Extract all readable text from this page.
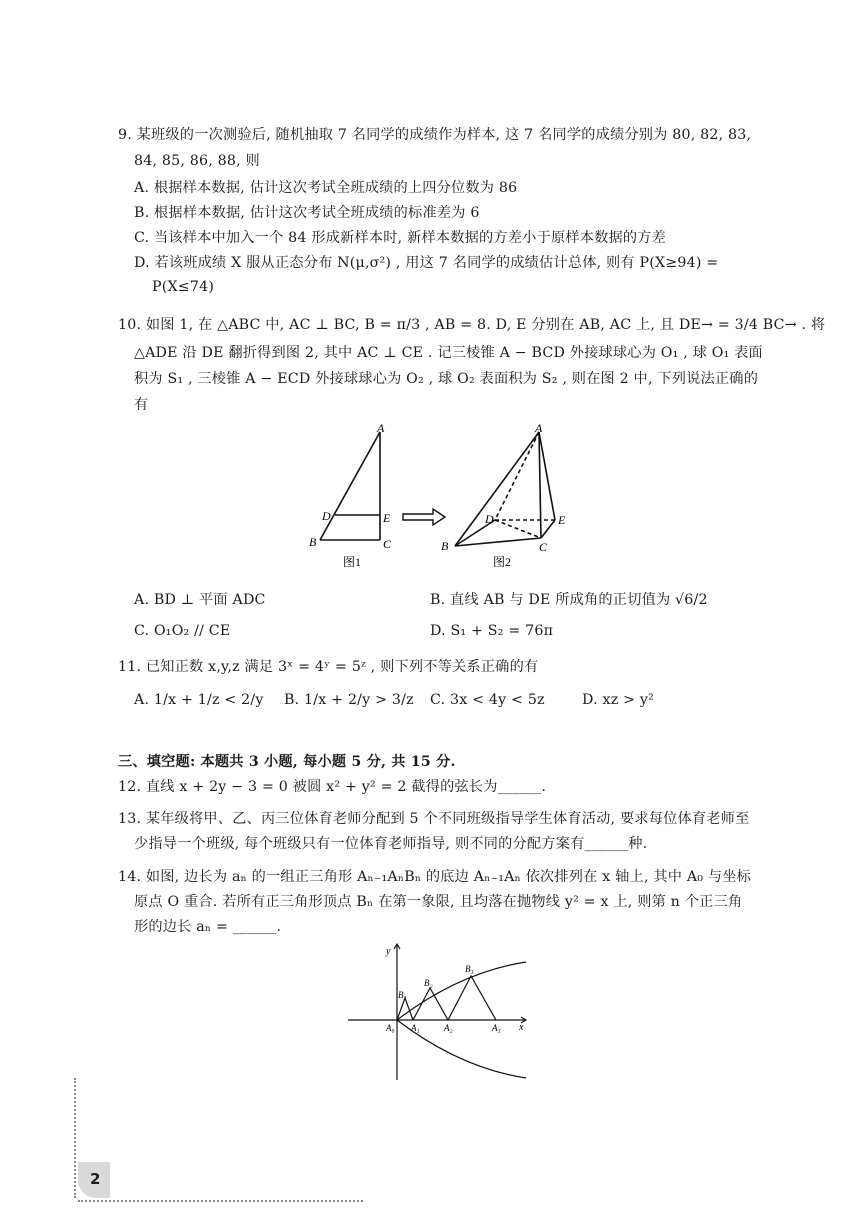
9. 某班级的一次测验后, 随机抽取 7 名同学的成绩作为样本, 这 7 名同学的成绩分别为 80, 82, 83,
84, 85, 86, 88, 则
A. 根据样本数据, 估计这次考试全班成绩的上四分位数为 86
B. 根据样本数据, 估计这次考试全班成绩的标准差为 6
C. 当该样本中加入一个 84 形成新样本时, 新样本数据的方差小于原样本数据的方差
D. 若该班成绩 X 服从正态分布 N(μ,σ²) , 用这 7 名同学的成绩估计总体, 则有 P(X≥94) =
P(X≤74)
10. 如图 1, 在 △ABC 中, AC ⊥ BC, B = π/3 , AB = 8. D, E 分别在 AB, AC 上, 且 DE→ = 3/4 BC→ . 将
△ADE 沿 DE 翻折得到图 2, 其中 AC ⊥ CE . 记三棱锥 A − BCD 外接球球心为 O₁ , 球 O₁ 表面
积为 S₁ , 三棱锥 A − ECD 外接球球心为 O₂ , 球 O₂ 表面积为 S₂ , 则在图 2 中, 下列说法正确的
有
A
B	C
D	E
图1
A
B	C
D	E
图2
A. BD ⊥ 平面 ADC	B. 直线 AB 与 DE 所成角的正切值为 √6/2
C. O₁O₂ // CE	D. S₁ + S₂ = 76π
11. 已知正数 x,y,z 满足 3ˣ = 4ʸ = 5ᶻ , 则下列不等关系正确的有
A. 1/x + 1/z < 2/y B. 1/x + 2/y > 3/z C. 3x < 4y < 5z	D. xz > y²
三、填空题: 本题共 3 小题, 每小题 5 分, 共 15 分.
12. 直线 x + 2y − 3 = 0 被圆 x² + y² = 2 截得的弦长为______.
13. 某年级将甲、乙、丙三位体育老师分配到 5 个不同班级指导学生体育活动, 要求每位体育老师至
少指导一个班级, 每个班级只有一位体育老师指导, 则不同的分配方案有______种.
14. 如图, 边长为 aₙ 的一组正三角形 Aₙ₋₁AₙBₙ 的底边 Aₙ₋₁Aₙ 依次排列在 x 轴上, 其中 A₀ 与坐标
原点 O 重合. 若所有正三角形顶点 Bₙ 在第一象限, 且均落在抛物线 y² = x 上, 则第 n 个正三角
形的边长 aₙ = ______.
x
y
A₀ A₁	A₂	A₃
B₁
B₂
B₃
2
